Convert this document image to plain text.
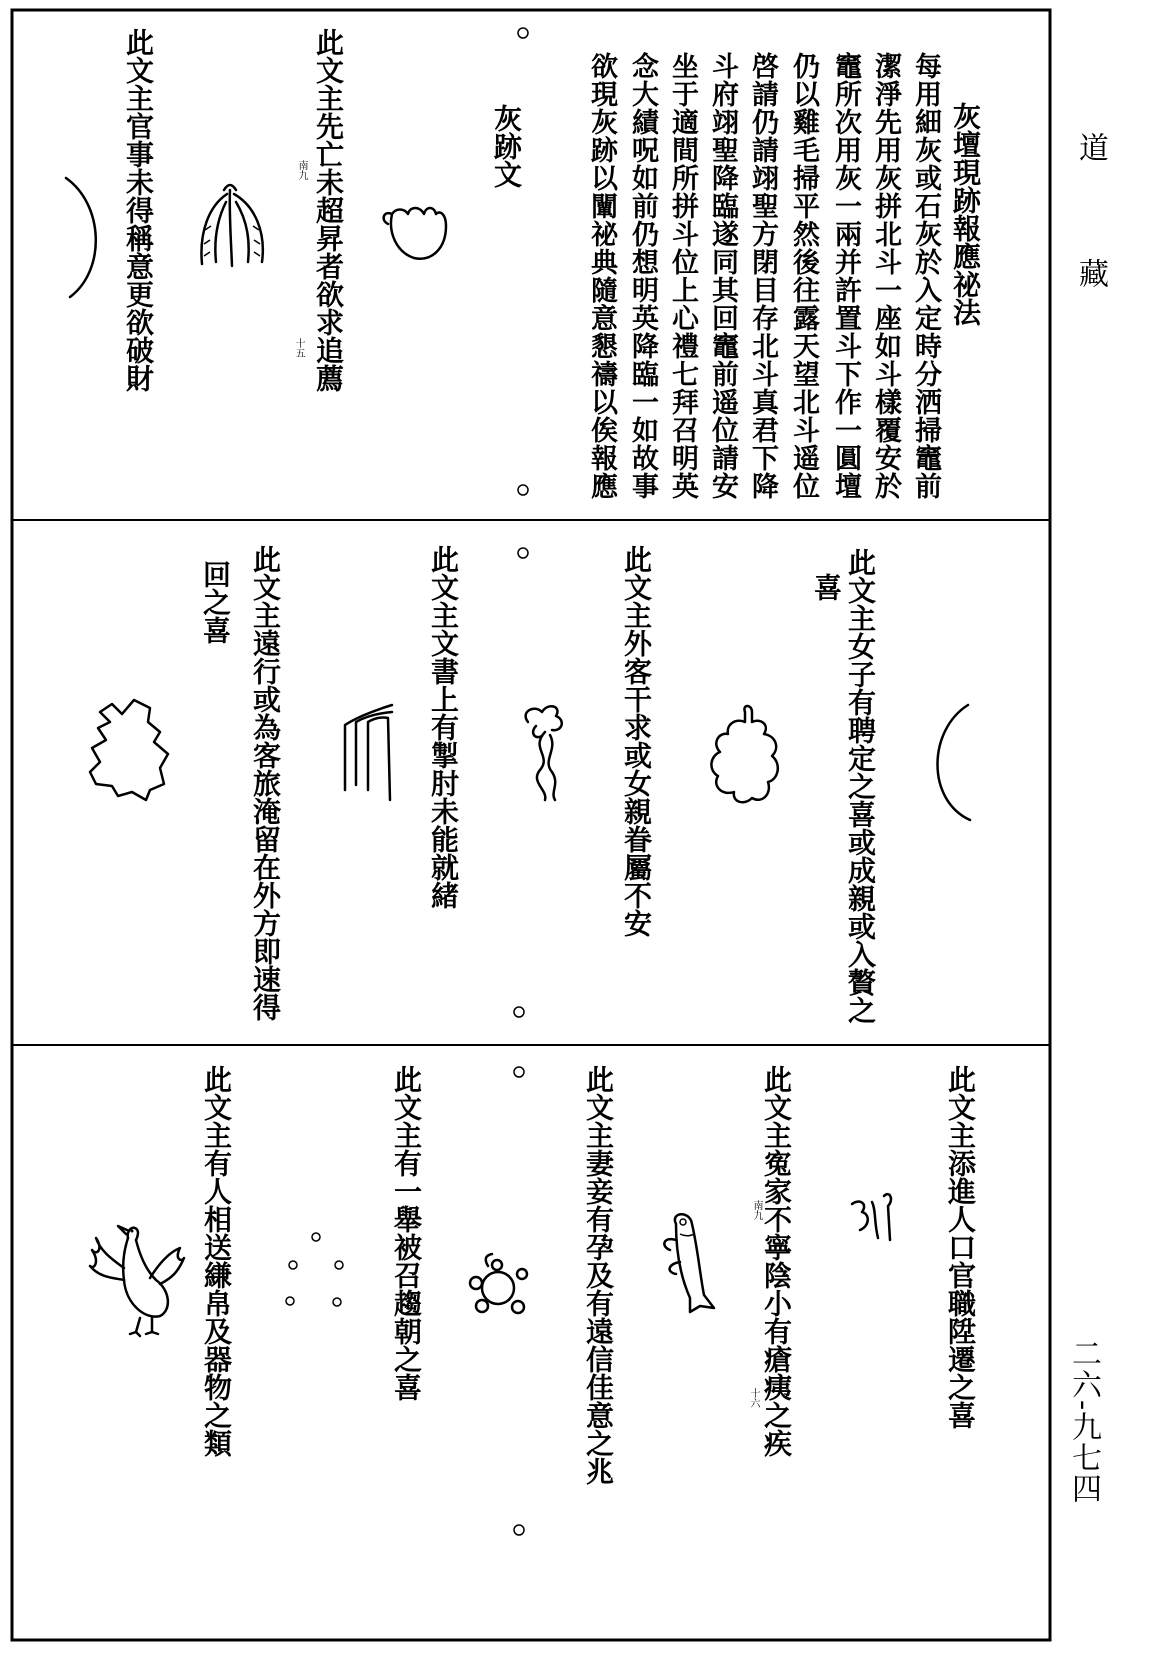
道
藏
二六-九七四
灰壇現跡報應祕法
每用細灰或石灰於入定時分洒掃竈前
潔淨先用灰拼北斗一座如斗樣覆安於
竈所次用灰一兩并許置斗下作一圓壇
仍以雞毛掃平然後往露天望北斗遥位
啓請仍請翊聖方閉目存北斗真君下降
斗府翊聖降臨遂同其回竈前遥位請安
坐于適間所拼斗位上心禮七拜召明英
念大績呪如前仍想明英降臨一如故事
欲現灰跡以闡祕典隨意懇禱以俟報應
灰跡文
此文主先亡未超昇者欲求追薦
南九
十五
此文主官事未得稱意更欲破財
此文主女子有聘定之喜或成親或入贅之
喜
此文主外客干求或女親眷屬不安
此文主文書上有掣肘未能就緒
此文主遠行或為客旅淹留在外方即速得
回之喜
此文主添進人口官職陞遷之喜
此文主寃家不寧陰小有瘡痍之疾
南九
十六
此文主妻妾有孕及有遠信佳意之兆
此文主有一舉被召趨朝之喜
此文主有人相送縑帛及器物之類
